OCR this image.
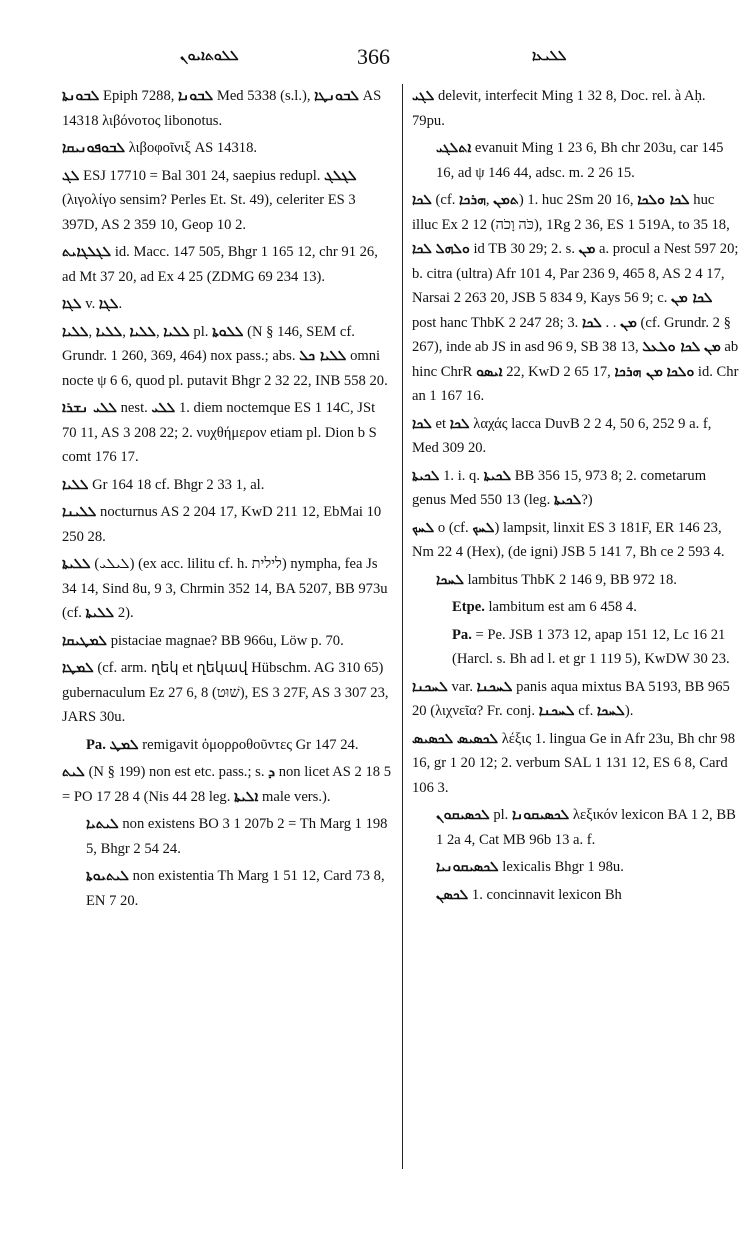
ܠܠܘܬܐܝܘܢ	366	ܠܠܝܥܐ
ܠܒܘܢܬܐ Epiph 7288, ܠܒܘܢܐ Med 5338 (s.l.), ܠܒܘܢܛܐ AS 14318 λιβόνοτος libonotus.
ܠܒܘܦܘܢܝܩܐ λιβοφοῖνιξ AS 14318.
ܠܓ ESJ 17710 = Bal 301 24, saepius redupl. ܠܓܠܓ (λιγολίγο sensim? Perles Et. St. 49), celeriter ES 3 397D, AS 2 359 10, Geop 10 2.
ܠܓܠܓܐܝܬ id. Macc. 147 505, Bhgr 1 165 12, chr 91 26, ad Mt 37 20, ad Ex 4 25 (ZDMG 69 234 13).
ܠܓܐ v. ܠܓܐ.
ܠܠܝܐ, ܠܠܝܐ, ܠܠܝܐ, ܠܠܝܐ pl. ܠܠܘܬܐ (N § 146, SEM cf. Grundr. 1 260, 369, 464) nox pass.; abs. ܠܠܝܐ ܟܠ omni nocte ψ 6 6, quod pl. putavit Bhgr 2 32 22, INB 558 20.
ܠܠܝ ܢܫܪܐ nest. ܠܠܝ 1. diem noctemque ES 1 14C, JSt 70 11, AS 3 208 22; 2. νυχθήμερον etiam pl. Dion b S comt 176 17.
ܠܠܝܐ Gr 164 18 cf. Bhgr 2 33 1, al.
ܠܠܝܢܐ nocturnus AS 2 204 17, KwD 211 12, EbMai 10 250 28.
ܠܠܝܬܐ (ܠܝܠܝ) (ex acc. lilitu cf. h. לילית) nympha, fea Js 34 14, Sind 8u, 9 3, Chrmin 352 14, BA 5207, BB 973u (cf. ܠܠܝܬܐ 2).
ܠܡܛܝܩܐ pistaciae magnae? BB 966u, Löw p. 70.
ܠܡܛܐ (cf. arm. ղեկ et ղեկավ Hübschm. AG 310 65) gubernaculum Ez 27 6, 8 (שׁוּט), ES 3 27F, AS 3 307 23, JARS 30u.
Pa. ܠܡܛ remigavit ὁμορροθοῦντες Gr 147 24.
ܠܝܬ (N § 199) non est etc. pass.; s. ܕ non licet AS 2 18 5 = PO 17 28 4 (Nis 44 28 leg. ܐܠܝܬܐ male vers.).
ܠܝܬܝܐ non existens BO 3 1 207b 2 = Th Marg 1 198 5, Bhgr 2 54 24.
ܠܝܬܝܘܬܐ non existentia Th Marg 1 51 12, Card 73 8, EN 7 20.
ܠܓܝ delevit, interfecit Ming 1 32 8, Doc. rel. à Aḥ. 79pu.
ܐܬܠܓܝ evanuit Ming 1 23 6, Bh chr 203u, car 145 16, ad ψ 146 44, adsc. m. 2 26 15.
ܠܟܐ (cf. ܗܪܟܐ, ܬܡܢ) 1. huc 2Sm 20 16, ܠܟܐ ܘܠܟܐ huc illuc Ex 2 12 (כֹּה וָכֹה), 1Rg 2 36, ES 1 519A, to 35 18, ܠܟܐ ܘܠܗܠ id TB 30 29; 2. s. ܡܢ a. procul a Nest 597 20; b. citra (ultra) Afr 101 4, Par 236 9, 465 8, AS 2 4 17, Narsai 2 263 20, JSB 5 834 9, Kays 56 9; c. ܠܟܐ ܡܢ post hanc ThbK 2 247 28; 3. ܠܟܐ . . ܡܢ (cf. Grundr. 2 § 267), inde ab JS in asd 96 9, SB 38 13, ܠܟܐ ܘܠܥܠ ܡܢ ab hinc ChrR ܐܝܣܘ 22, KwD 2 65 17, ܡܢ ܗܪܟܐ ܘܠܟܐ id. Chr an 1 167 16.
ܠܟܐ et ܠܟܐ λαχάς lacca DuvB 2 2 4, 50 6, 252 9 a. f, Med 309 20.
ܠܟܝܬܐ 1. i. q. ܠܟܝܬܐ BB 356 15, 973 8; 2. cometarum genus Med 550 13 (leg. ܠܟܝܬܐ?)
ܠܚܟ o (cf. ܠܚܟ) lampsit, linxit ES 3 181F, ER 146 23, Nm 22 4 (Hex), (de igni) JSB 5 141 7, Bh ce 2 593 4.
ܠܚܟܐ lambitus ThbK 2 146 9, BB 972 18.
Etpe. lambitum est am 6 458 4.
Pa. = Pe. JSB 1 373 12, apap 151 12, Lc 16 21 (Harcl. s. Bh ad l. et gr 1 119 5), KwDW 30 23.
ܠܚܟܢܐ var. ܠܚܟܢܐ panis aqua mixtus BA 5193, BB 965 20 (λιχνεῖα? Fr. conj. ܠܚܟܢܐ cf. ܠܚܟܐ).
ܠܟܣܝܣ ܠܟܣܝܣ λέξις 1. lingua Ge in Afr 23u, Bh chr 98 16, gr 1 20 12; 2. verbum SAL 1 131 12, ES 6 8, Card 106 3.
ܠܟܣܝܩܘܢ pl. ܠܟܣܝܩܘܢܐ λεξικόν lexicon BA 1 2, BB 1 2a 4, Cat MB 96b 13 a. f.
ܠܟܣܝܩܘܢܝܐ lexicalis Bhgr 1 98u.
ܠܟܣܢ 1. concinnavit lexicon Bh
